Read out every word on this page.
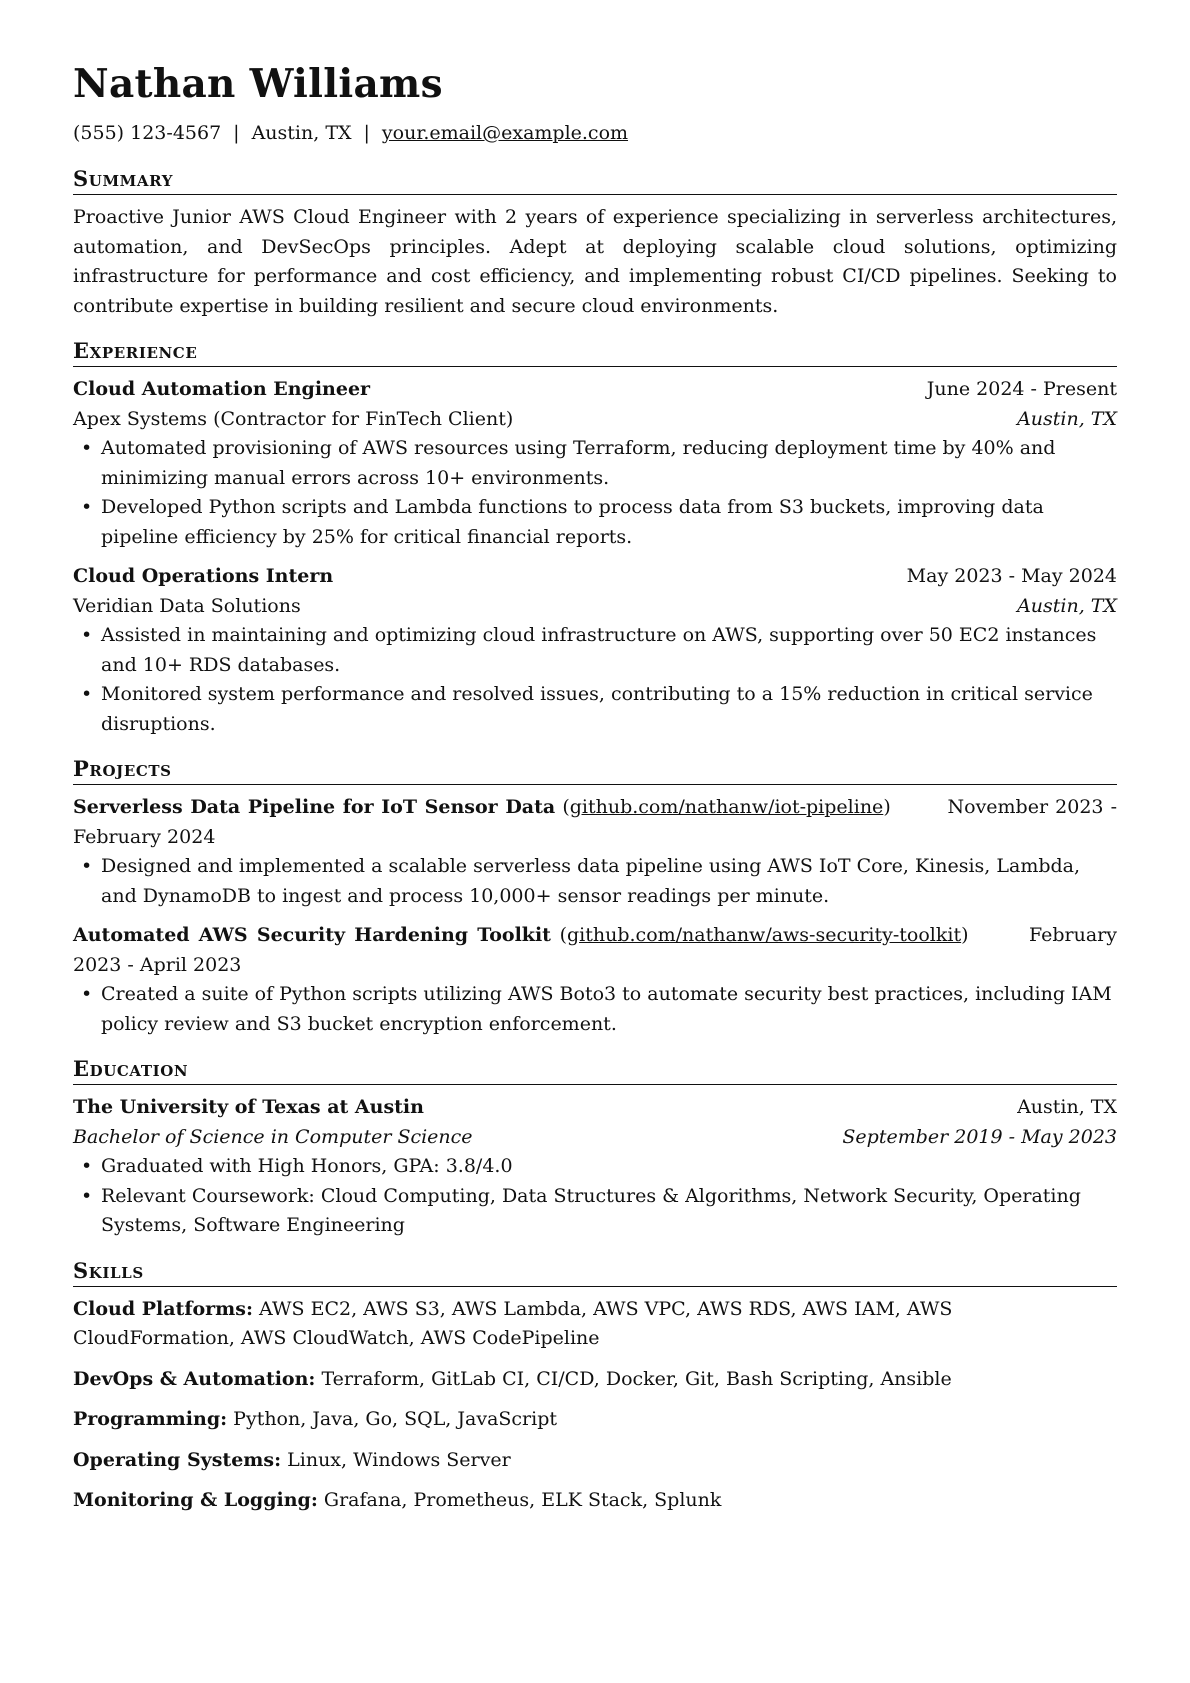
Nathan Williams
(555) 123-4567 | Austin, TX | your.email@example.com
Summary
Proactive Junior AWS Cloud Engineer with 2 years of experience specializing in serverless architectures, automation, and DevSecOps principles. Adept at deploying scalable cloud solutions, optimizing infrastructure for performance and cost efficiency, and implementing robust CI/CD pipelines. Seeking to contribute expertise in building resilient and secure cloud environments.
Experience
Cloud Automation Engineer	June 2024 - Present
Apex Systems (Contractor for FinTech Client)	Austin, TX
• Automated provisioning of AWS resources using Terraform, reducing deployment time by 40% and minimizing manual errors across 10+ environments.
• Developed Python scripts and Lambda functions to process data from S3 buckets, improving data pipeline efficiency by 25% for critical financial reports.
Cloud Operations Intern	May 2023 - May 2024
Veridian Data Solutions	Austin, TX
• Assisted in maintaining and optimizing cloud infrastructure on AWS, supporting over 50 EC2 instances and 10+ RDS databases.
• Monitored system performance and resolved issues, contributing to a 15% reduction in critical service disruptions.
Projects
Serverless Data Pipeline for IoT Sensor Data (github.com/nathanw/iot-pipeline)        November 2023 - February 2024
• Designed and implemented a scalable serverless data pipeline using AWS IoT Core, Kinesis, Lambda, and DynamoDB to ingest and process 10,000+ sensor readings per minute.
Automated AWS Security Hardening Toolkit (github.com/nathanw/aws-security-toolkit)       February 2023 - April 2023
• Created a suite of Python scripts utilizing AWS Boto3 to automate security best practices, including IAM policy review and S3 bucket encryption enforcement.
Education
The University of Texas at Austin	Austin, TX
Bachelor of Science in Computer Science	September 2019 - May 2023
• Graduated with High Honors, GPA: 3.8/4.0
• Relevant Coursework: Cloud Computing, Data Structures & Algorithms, Network Security, Operating Systems, Software Engineering
Skills
Cloud Platforms: AWS EC2, AWS S3, AWS Lambda, AWS VPC, AWS RDS, AWS IAM, AWS CloudFormation, AWS CloudWatch, AWS CodePipeline
DevOps & Automation: Terraform, GitLab CI, CI/CD, Docker, Git, Bash Scripting, Ansible
Programming: Python, Java, Go, SQL, JavaScript
Operating Systems: Linux, Windows Server
Monitoring & Logging: Grafana, Prometheus, ELK Stack, Splunk
